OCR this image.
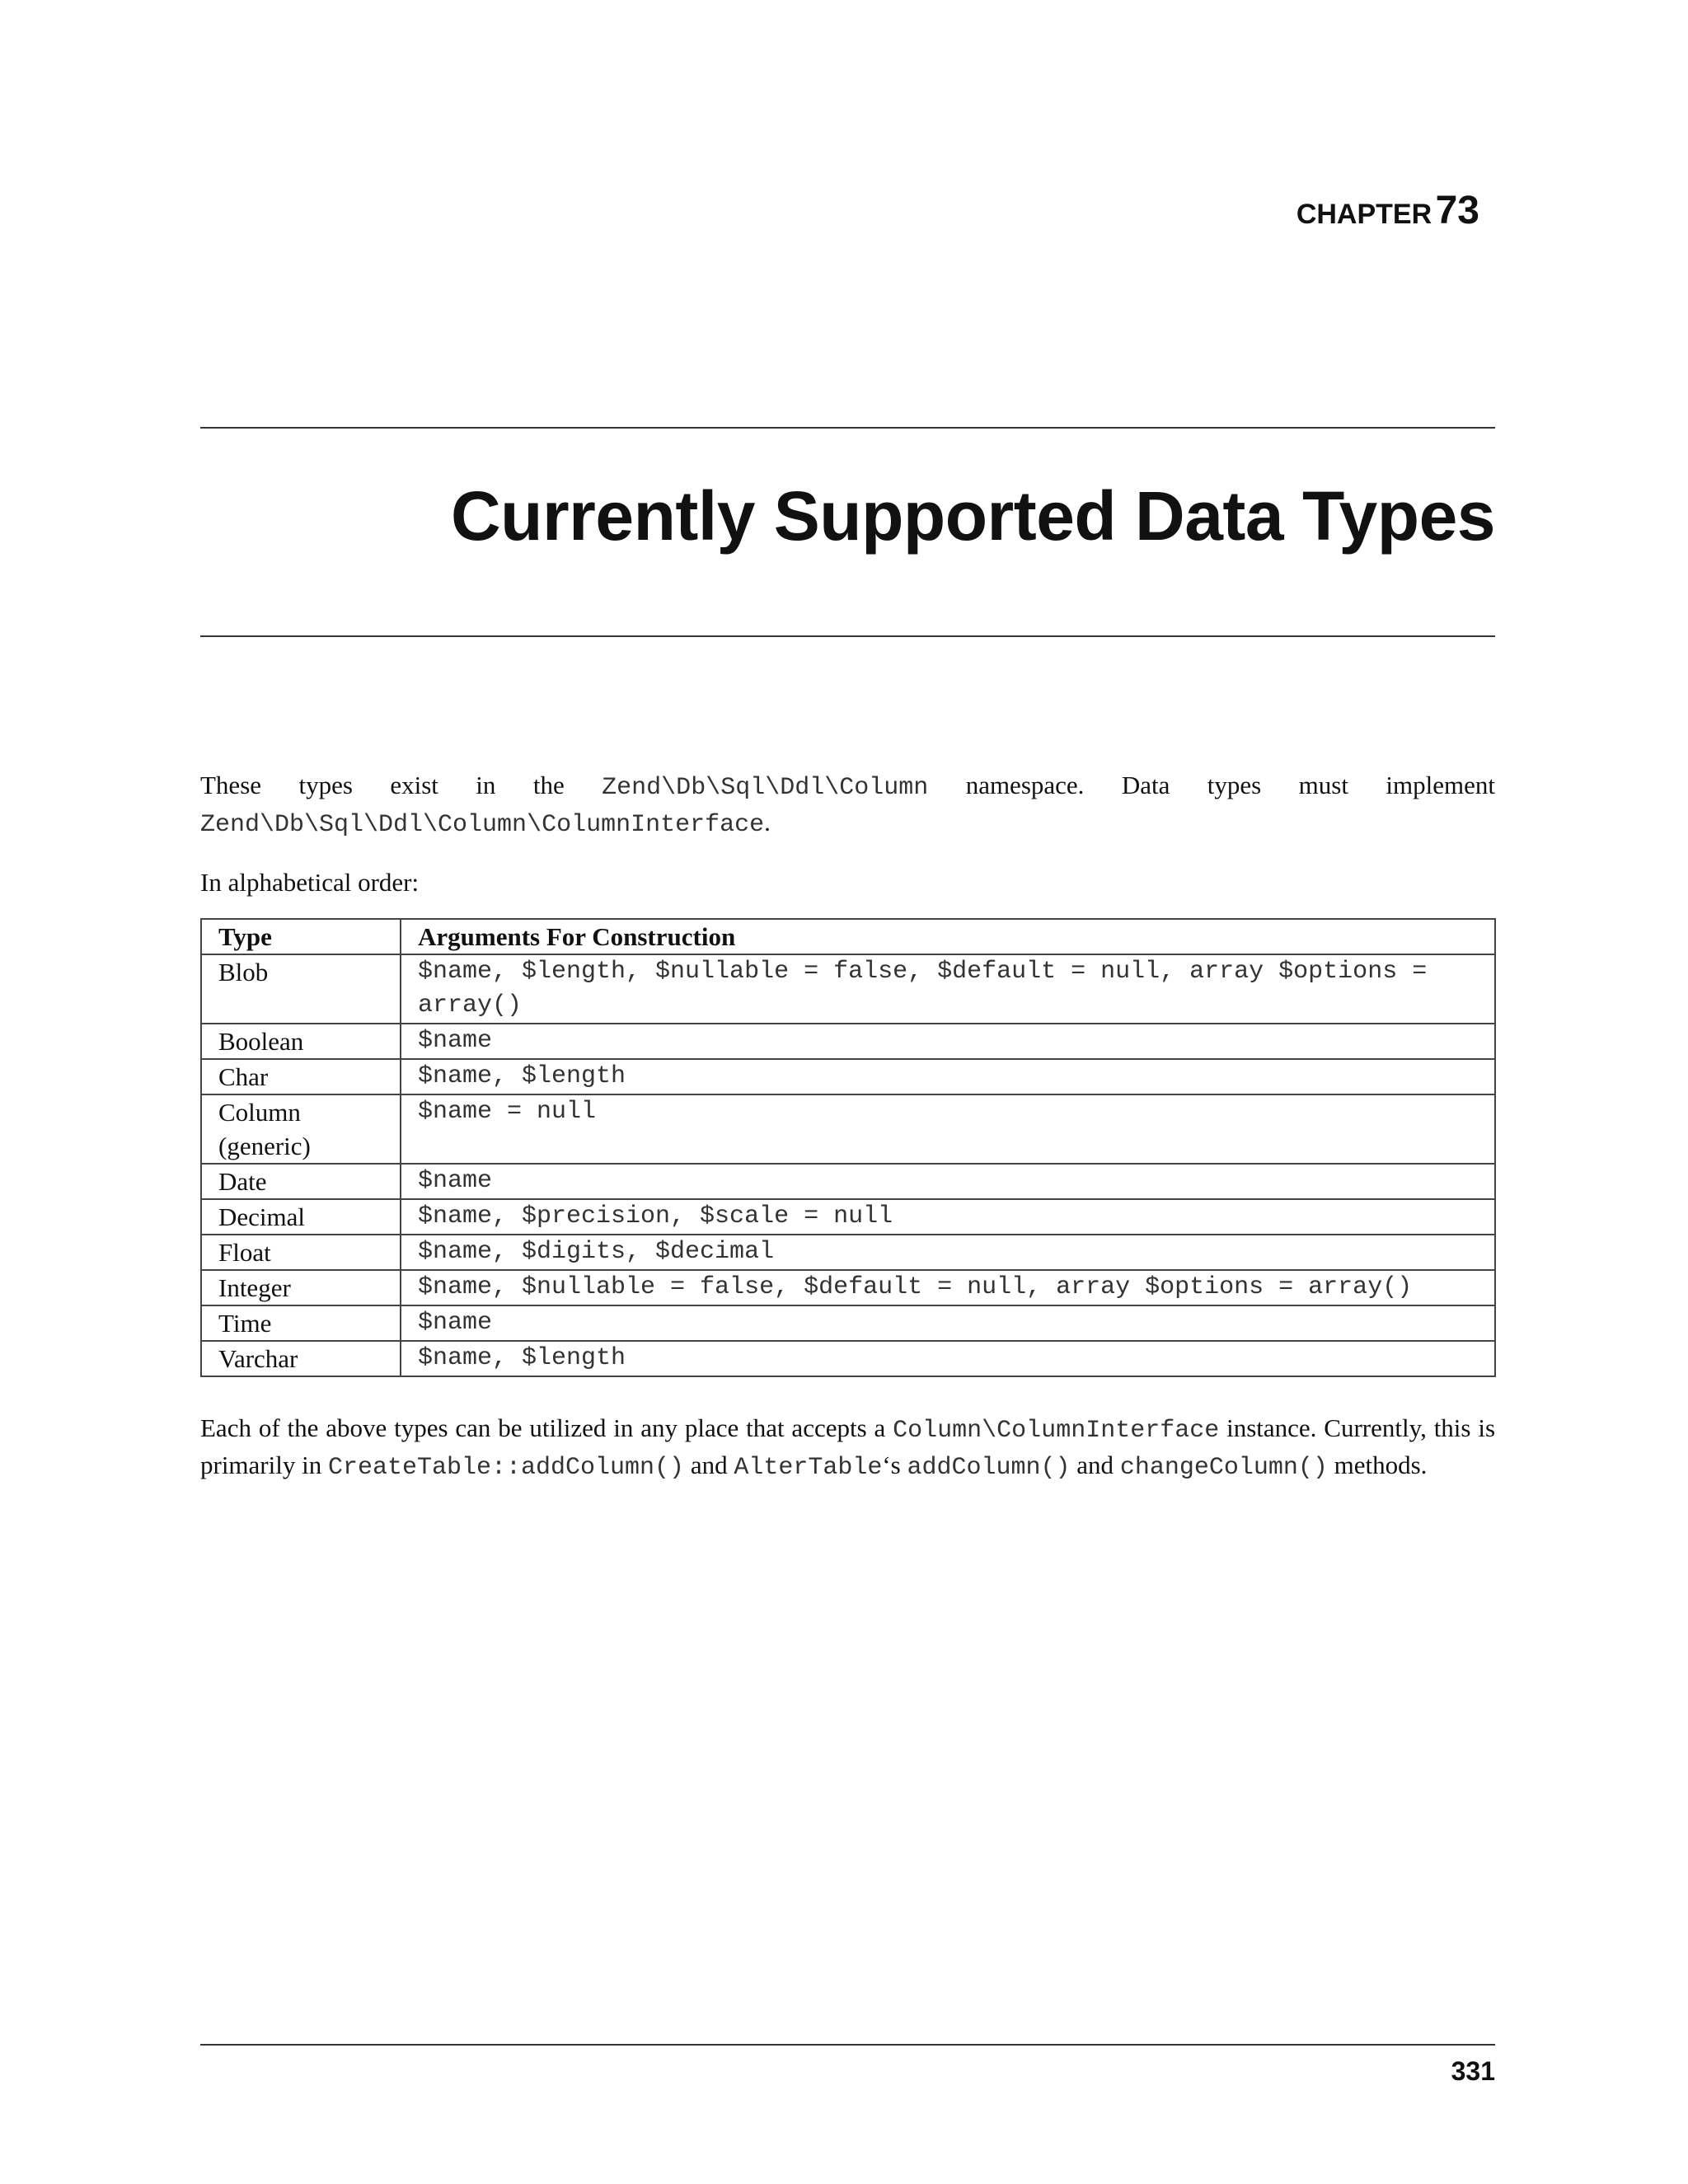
CHAPTER 73
Currently Supported Data Types
These types exist in the Zend\Db\Sql\Ddl\Column namespace. Data types must implement Zend\Db\Sql\Ddl\Column\ColumnInterface.
In alphabetical order:
Type	Arguments For Construction
Blob	$name, $length, $nullable = false, $default = null, array $options = array()
Boolean	$name
Char	$name, $length
Column (generic)	$name = null
Date	$name
Decimal	$name, $precision, $scale = null
Float	$name, $digits, $decimal
Integer	$name, $nullable = false, $default = null, array $options = array()
Time	$name
Varchar	$name, $length
Each of the above types can be utilized in any place that accepts a Column\ColumnInterface instance. Currently, this is primarily in CreateTable::addColumn() and AlterTable‘s addColumn() and changeColumn() methods.
331
